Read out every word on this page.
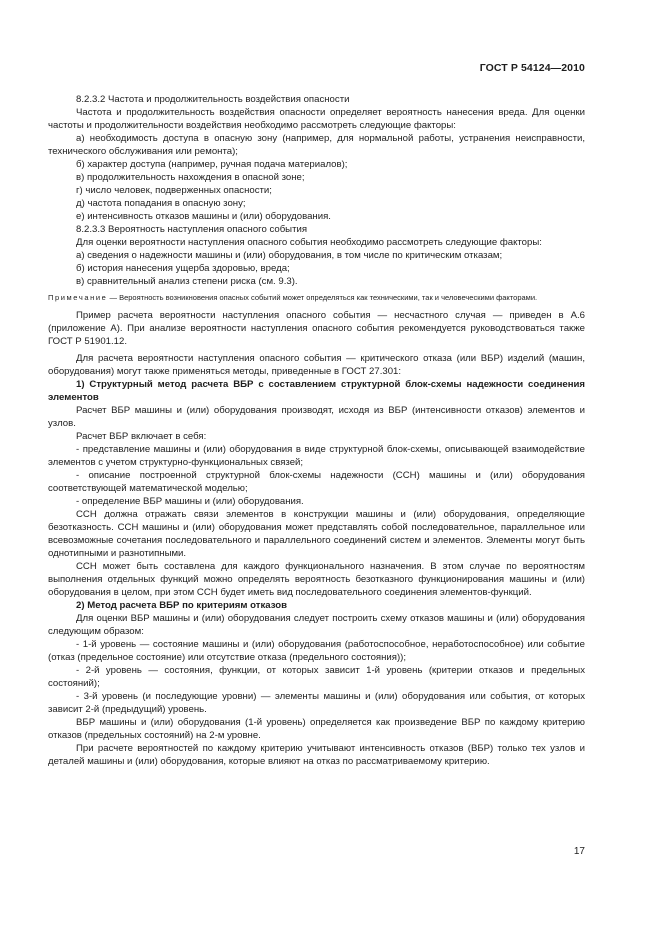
ГОСТ Р 54124—2010

8.2.3.2 Частота и продолжительность воздействия опасности

Частота и продолжительность воздействия опасности определяет вероятность нанесения вреда. Для оценки частоты и продолжительности воздействия необходимо рассмотреть следующие факторы:

а) необходимость доступа в опасную зону (например, для нормальной работы, устранения неисправности, технического обслуживания или ремонта);

б) характер доступа (например, ручная подача материалов);

в) продолжительность нахождения в опасной зоне;

г) число человек, подверженных опасности;

д) частота попадания в опасную зону;

е) интенсивность отказов машины и (или) оборудования.

8.2.3.3 Вероятность наступления опасного события

Для оценки вероятности наступления опасного события необходимо рассмотреть следующие факторы:

а) сведения о надежности машины и (или) оборудования, в том числе по критическим отказам;

б) история нанесения ущерба здоровью, вреда;

в) сравнительный анализ степени риска (см. 9.3).

Примечание — Вероятность возникновения опасных событий может определяться как техническими, так и человеческими факторами.

Пример расчета вероятности наступления опасного события — несчастного случая — приведен в А.6 (приложение А). При анализе вероятности наступления опасного события рекомендуется руководствоваться также ГОСТ Р 51901.12.

Для расчета вероятности наступления опасного события — критического отказа (или ВБР) изделий (машин, оборудования) могут также применяться методы, приведенные в ГОСТ 27.301:

1) Структурный метод расчета ВБР с составлением структурной блок-схемы надежности соединения элементов

Расчет ВБР машины и (или) оборудования производят, исходя из ВБР (интенсивности отказов) элементов и узлов.

Расчет ВБР включает в себя:

- представление машины и (или) оборудования в виде структурной блок-схемы, описывающей взаимодействие элементов с учетом структурно-функциональных связей;

- описание построенной структурной блок-схемы надежности (ССН) машины и (или) оборудования соответствующей математической моделью;

- определение ВБР машины и (или) оборудования.

ССН должна отражать связи элементов в конструкции машины и (или) оборудования, определяющие безотказность. ССН машины и (или) оборудования может представлять собой последовательное, параллельное или всевозможные сочетания последовательного и параллельного соединений систем и элементов. Элементы могут быть однотипными и разнотипными.

ССН может быть составлена для каждого функционального назначения. В этом случае по вероятностям выполнения отдельных функций можно определять вероятность безотказного функционирования машины и (или) оборудования в целом, при этом ССН будет иметь вид последовательного соединения элементов-функций.

2) Метод расчета ВБР по критериям отказов

Для оценки ВБР машины и (или) оборудования следует построить схему отказов машины и (или) оборудования следующим образом:

- 1-й уровень — состояние машины и (или) оборудования (работоспособное, неработоспособное) или событие (отказ (предельное состояние) или отсутствие отказа (предельного состояния));

- 2-й уровень — состояния, функции, от которых зависит 1-й уровень (критерии отказов и предельных состояний);

- 3-й уровень (и последующие уровни) — элементы машины и (или) оборудования или события, от которых зависит 2-й (предыдущий) уровень.

ВБР машины и (или) оборудования (1-й уровень) определяется как произведение ВБР по каждому критерию отказов (предельных состояний) на 2-м уровне.

При расчете вероятностей по каждому критерию учитывают интенсивность отказов (ВБР) только тех узлов и деталей машины и (или) оборудования, которые влияют на отказ по рассматриваемому критерию.

17
